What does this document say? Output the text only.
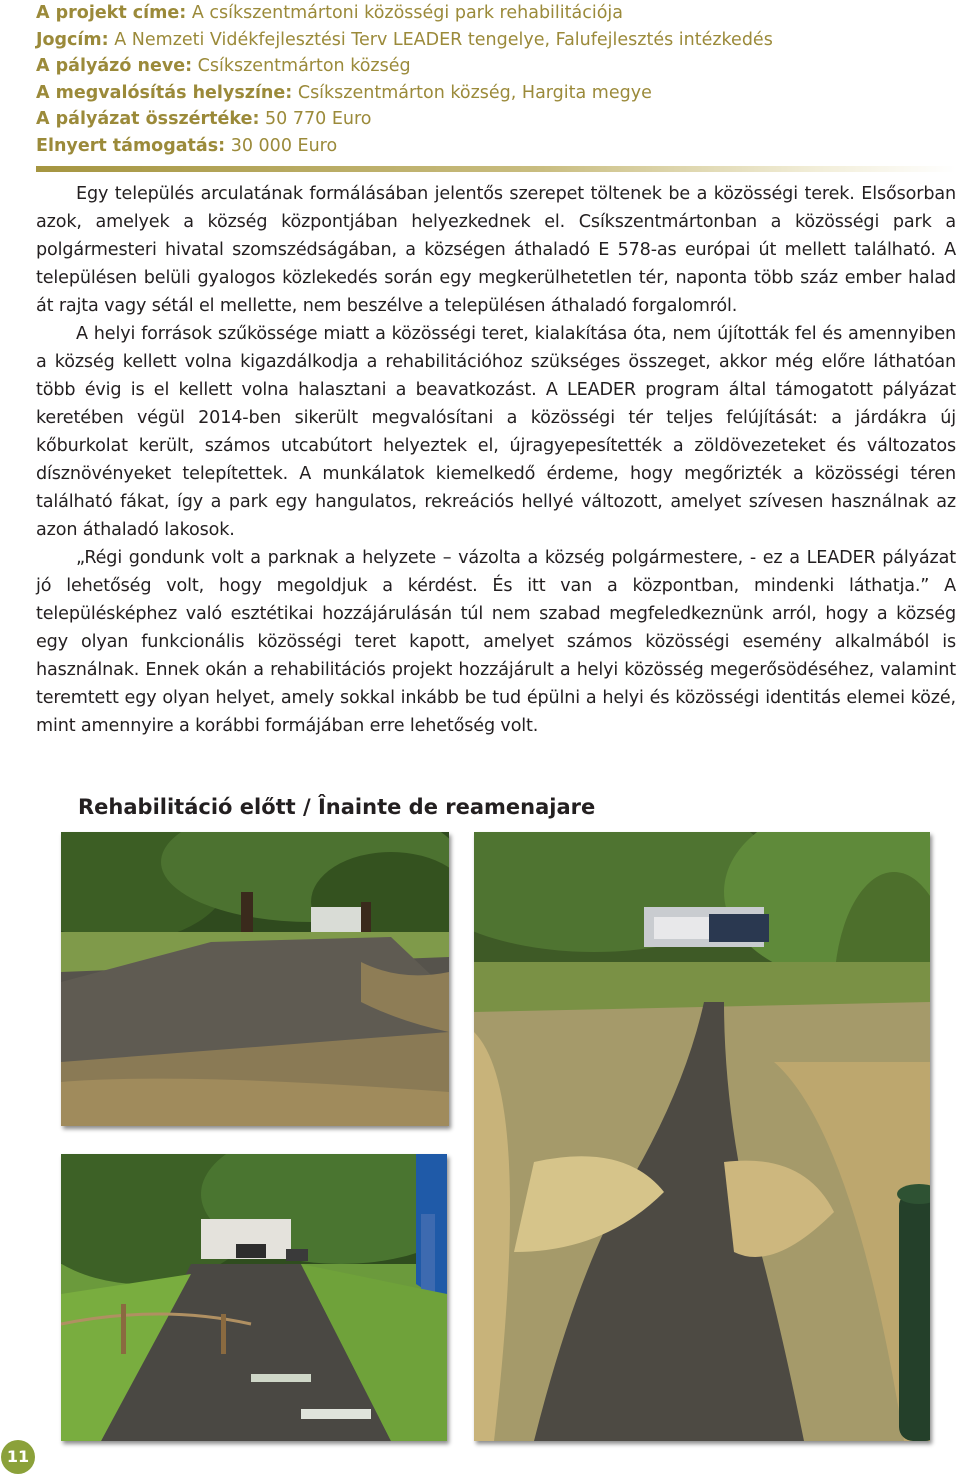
A projekt címe: A csíkszentmártoni közösségi park rehabilitációja
Jogcím: A Nemzeti Vidékfejlesztési Terv LEADER tengelye, Falufejlesztés intézkedés
A pályázó neve: Csíkszentmárton község
A megvalósítás helyszíne: Csíkszentmárton község, Hargita megye
A pályázat összértéke: 50 770 Euro
Elnyert támogatás: 30 000 Euro

Egy település arculatának formálásában jelentős szerepet töltenek be a közösségi terek. Elsősorban azok, amelyek a község központjában helyezkednek el. Csíkszentmártonban a közösségi park a polgármesteri hivatal szomszédságában, a községen áthaladó E 578-as európai út mellett található. A településen belüli gyalogos közlekedés során egy megkerülhetetlen tér, naponta több száz ember halad át rajta vagy sétál el mellette, nem beszélve a településen áthaladó forgalomról.

A helyi források szűkössége miatt a közösségi teret, kialakítása óta, nem újították fel és amennyiben a község kellett volna kigazdálkodja a rehabilitációhoz szükséges összeget, akkor még előre láthatóan több évig is el kellett volna halasztani a beavatkozást. A LEADER program által támogatott pályázat keretében végül 2014-ben sikerült megvalósítani a közösségi tér teljes felújítását: a járdákra új kőburkolat került, számos utcabútort helyeztek el, újragyepesítették a zöldövezeteket és változatos dísznövényeket telepítettek. A munkálatok kiemelkedő érdeme, hogy megőrizték a közösségi téren található fákat, így a park egy hangulatos, rekreációs hellyé változott, amelyet szívesen használnak az azon áthaladó lakosok.

„Régi gondunk volt a parknak a helyzete – vázolta a község polgármestere, - ez a LEADER pályázat jó lehetőség volt, hogy megoldjuk a kérdést. És itt van a központban, mindenki láthatja.” A településképhez való esztétikai hozzájárulásán túl nem szabad megfeledkeznünk arról, hogy a község egy olyan funkcionális közösségi teret kapott, amelyet számos közösségi esemény alkalmából is használnak. Ennek okán a rehabilitációs projekt hozzájárult a helyi közösség megerősödéséhez, valamint teremtett egy olyan helyet, amely sokkal inkább be tud épülni a helyi és közösségi identitás elemei közé, mint amennyire a korábbi formájában erre lehetőség volt.

Rehabilitáció előtt / Înainte de reamenajare
11
